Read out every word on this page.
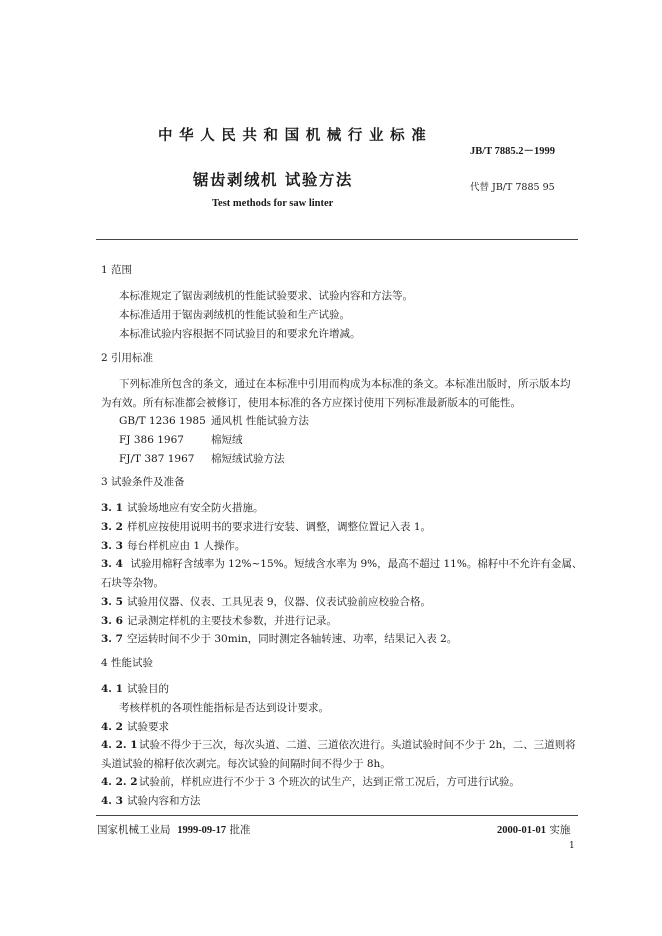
中华人民共和国机械行业标准
JB/T 7885.2－1999
锯齿剥绒机 试验方法	代替 JB/T 7885 95
Test methods for saw linter
1 范围
本标准规定了锯齿剥绒机的性能试验要求、试验内容和方法等。
本标准适用于锯齿剥绒机的性能试验和生产试验。
本标准试验内容根据不同试验目的和要求允许增减。
2 引用标准
下列标准所包含的条文，通过在本标准中引用而构成为本标准的条文。本标准出版时，所示版本均
为有效。所有标准都会被修订，使用本标准的各方应探讨使用下列标准最新版本的可能性。
GB/T 1236 1985 通风机 性能试验方法
FJ 386 1967	棉短绒
FJ/T 387 1967 棉短绒试验方法
3 试验条件及准备
3. 1 试验场地应有安全防火措施。
3. 2 样机应按使用说明书的要求进行安装、调整，调整位置记入表 1。
3. 3 每台样机应由 1 人操作。
3. 4 试验用棉籽含绒率为 12%~15%。短绒含水率为 9%，最高不超过 11%。棉籽中不允许有金属、
石块等杂物。
3. 5 试验用仪器、仪表、工具见表 9，仪器、仪表试验前应校验合格。
3. 6 记录测定样机的主要技术参数，并进行记录。
3. 7 空运转时间不少于 30min，同时测定各轴转速、功率，结果记入表 2。
4 性能试验
4. 1 试验目的
考核样机的各项性能指标是否达到设计要求。
4. 2 试验要求
4. 2. 1试验不得少于三次，每次头道、二道、三道依次进行。头道试验时间不少于 2h，二、三道则将
头道试验的棉籽依次剥完。每次试验的间隔时间不得少于 8h。
4. 2. 2试验前，样机应进行不少于 3 个班次的试生产，达到正常工况后，方可进行试验。
4. 3 试验内容和方法
国家机械工业局 1999-09-17 批准	2000-01-01 实施
1
